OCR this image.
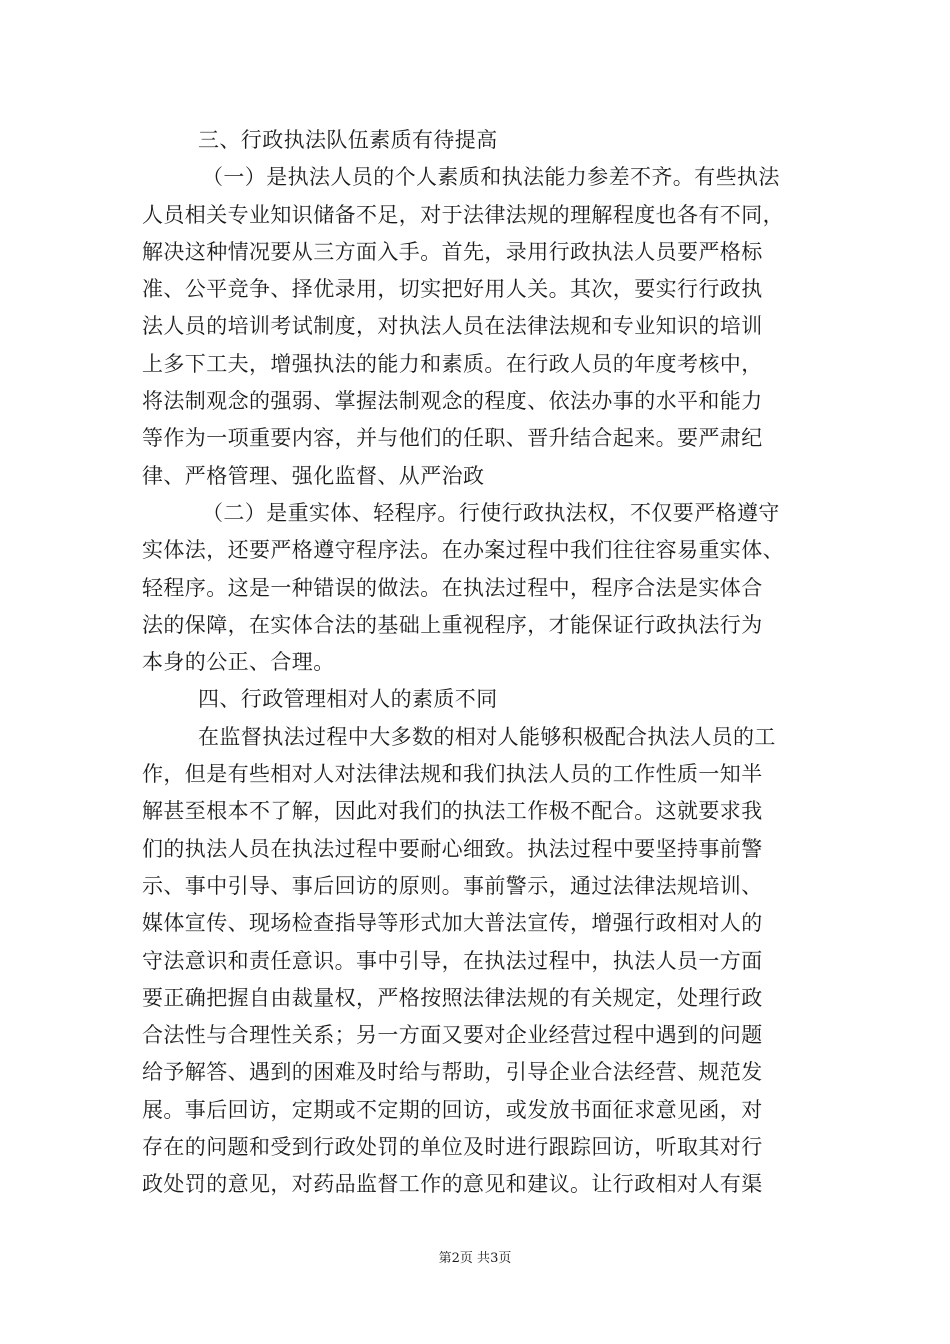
三、行政执法队伍素质有待提高
（一）是执法人员的个人素质和执法能力参差不齐。有些执法
人员相关专业知识储备不足，对于法律法规的理解程度也各有不同，
解决这种情况要从三方面入手。首先，录用行政执法人员要严格标
准、公平竞争、择优录用，切实把好用人关。其次，要实行行政执
法人员的培训考试制度，对执法人员在法律法规和专业知识的培训
上多下工夫，增强执法的能力和素质。在行政人员的年度考核中，
将法制观念的强弱、掌握法制观念的程度、依法办事的水平和能力
等作为一项重要内容，并与他们的任职、晋升结合起来。要严肃纪
律、严格管理、强化监督、从严治政
（二）是重实体、轻程序。行使行政执法权，不仅要严格遵守
实体法，还要严格遵守程序法。在办案过程中我们往往容易重实体、
轻程序。这是一种错误的做法。在执法过程中，程序合法是实体合
法的保障，在实体合法的基础上重视程序，才能保证行政执法行为
本身的公正、合理。
四、行政管理相对人的素质不同
在监督执法过程中大多数的相对人能够积极配合执法人员的工
作，但是有些相对人对法律法规和我们执法人员的工作性质一知半
解甚至根本不了解，因此对我们的执法工作极不配合。这就要求我
们的执法人员在执法过程中要耐心细致。执法过程中要坚持事前警
示、事中引导、事后回访的原则。事前警示，通过法律法规培训、
媒体宣传、现场检查指导等形式加大普法宣传，增强行政相对人的
守法意识和责任意识。事中引导，在执法过程中，执法人员一方面
要正确把握自由裁量权，严格按照法律法规的有关规定，处理行政
合法性与合理性关系；另一方面又要对企业经营过程中遇到的问题
给予解答、遇到的困难及时给与帮助，引导企业合法经营、规范发
展。事后回访，定期或不定期的回访，或发放书面征求意见函，对
存在的问题和受到行政处罚的单位及时进行跟踪回访，听取其对行
政处罚的意见，对药品监督工作的意见和建议。让行政相对人有渠
第2页 共3页
